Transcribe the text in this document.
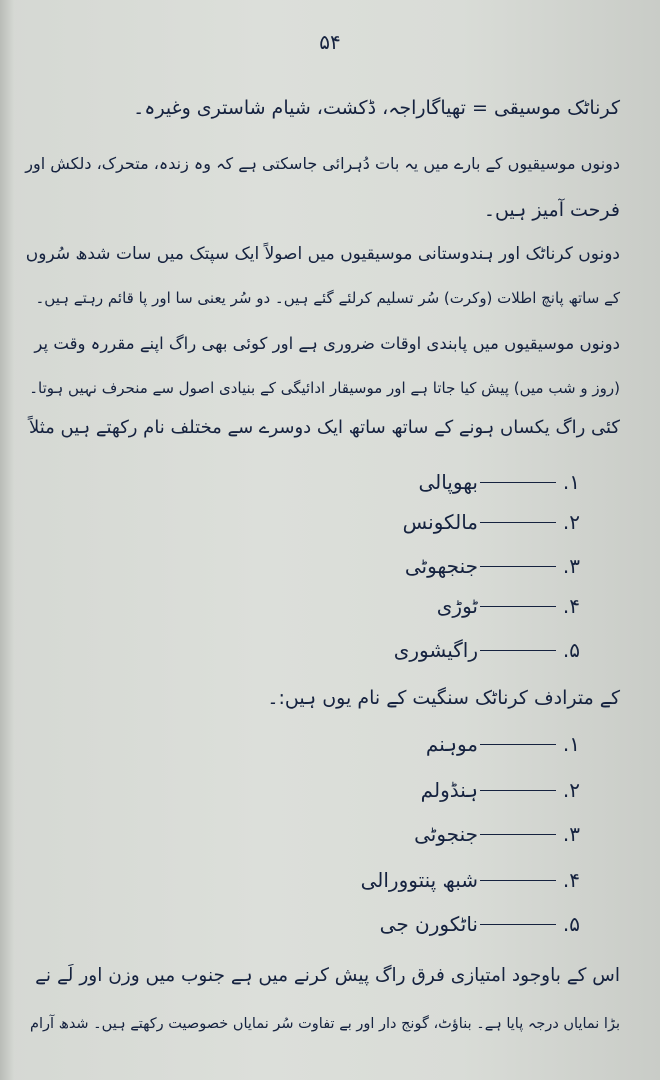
۵۴
کرناٹک موسیقی = تھیاگاراجہ، ڈکشت، شیام شاستری وغیرہ۔
دونوں موسیقیوں کے بارے میں یہ بات دُہرائی جاسکتی ہے کہ وہ زندہ، متحرک، دلکش اور
فرحت آمیز ہیں۔
دونوں کرناٹک اور ہندوستانی موسیقیوں میں اصولاً ایک سپتک میں سات شدھ سُروں
کے ساتھ پانچ اطلات (وکرت) سُر تسلیم کرلئے گئے ہیں۔ دو سُر یعنی سا اور پا قائم رہتے ہیں۔
دونوں موسیقیوں میں پابندی اوقات ضروری ہے اور کوئی بھی راگ اپنے مقررہ وقت پر
(روز و شب میں) پیش کیا جاتا ہے اور موسیقار ادائیگی کے بنیادی اصول سے منحرف نہیں ہوتا۔
کئی راگ یکساں ہونے کے ساتھ ساتھ ایک دوسرے سے مختلف نام رکھتے ہیں مثلاً
۱.بھوپالی
۲.مالکونس
۳.جنجھوٹی
۴.ٹوڑی
۵.راگیشوری
کے مترادف کرناٹک سنگیت کے نام یوں ہیں:۔
۱.موہنم
۲.ہنڈولم
۳.جنجوٹی
۴.شبھ پنتوورالی
۵.ناٹکورن جی
اس کے باوجود امتیازی فرق راگ پیش کرنے میں ہے جنوب میں وزن اور لَے نے
بڑا نمایاں درجہ پایا ہے۔ بناؤٹ، گونج دار اور بے تفاوت سُر نمایاں خصوصیت رکھتے ہیں۔ شدھ آرام
